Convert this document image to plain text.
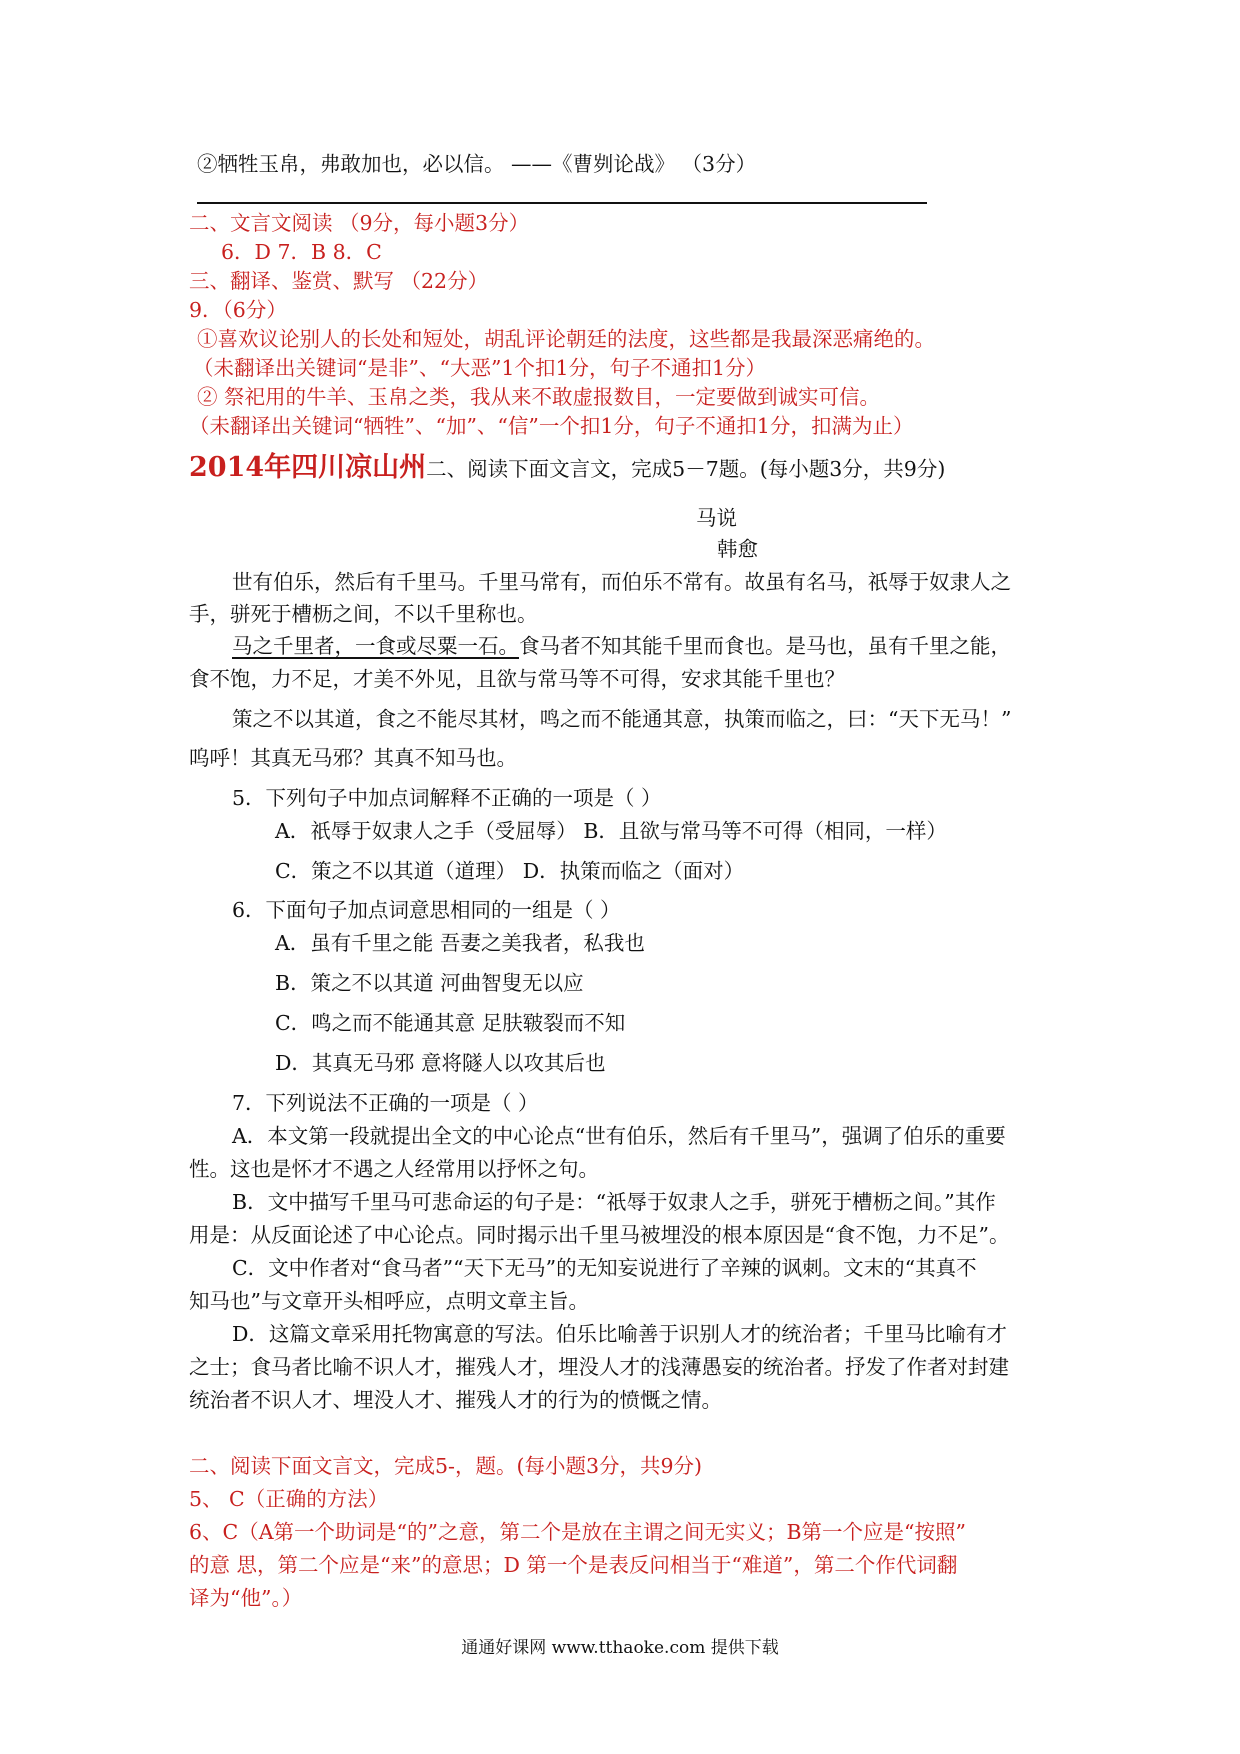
②牺牲玉帛，弗敢加也，必以信。 ——《曹刿论战》 （3分）
二、文言文阅读 （9分，每小题3分）
6．D 7．B 8．C
三、翻译、鉴赏、默写 （22分）
9．（6分）
①喜欢议论别人的长处和短处，胡乱评论朝廷的法度，这些都是我最深恶痛绝的。
（未翻译出关键词“是非”、“大恶”1个扣1分，句子不通扣1分）
② 祭祀用的牛羊、玉帛之类，我从来不敢虚报数目，一定要做到诚实可信。
（未翻译出关键词“牺牲”、“加”、“信”一个扣1分，句子不通扣1分，扣满为止）
2014年四川凉山州二、阅读下面文言文，完成5－7题。(每小题3分，共9分)
马说
韩愈
世有伯乐，然后有千里马。千里马常有，而伯乐不常有。故虽有名马，祇辱于奴隶人之
手，骈死于槽枥之间，不以千里称也。
马之千里者，一食或尽粟一石。食马者不知其能千里而食也。是马也，虽有千里之能，
食不饱，力不足，才美不外见，且欲与常马等不可得，安求其能千里也？
策之不以其道，食之不能尽其材，鸣之而不能通其意，执策而临之，曰：“天下无马！”
呜呼！其真无马邪？其真不知马也。
5．下列句子中加点词解释不正确的一项是（ ）
A．祇辱于奴隶人之手（受屈辱） B．且欲与常马等不可得（相同，一样）
C．策之不以其道（道理） D．执策而临之（面对）
6．下面句子加点词意思相同的一组是（ ）
A．虽有千里之能 吾妻之美我者，私我也
B．策之不以其道 河曲智叟无以应
C．鸣之而不能通其意 足肤皲裂而不知
D．其真无马邪 意将隧人以攻其后也
7．下列说法不正确的一项是（ ）
A．本文第一段就提出全文的中心论点“世有伯乐，然后有千里马”，强调了伯乐的重要
性。这也是怀才不遇之人经常用以抒怀之句。
B．文中描写千里马可悲命运的句子是：“祇辱于奴隶人之手，骈死于槽枥之间。”其作
用是：从反面论述了中心论点。同时揭示出千里马被埋没的根本原因是“食不饱，力不足”。
C．文中作者对“食马者”“天下无马”的无知妄说进行了辛辣的讽刺。文末的“其真不
知马也”与文章开头相呼应，点明文章主旨。
D．这篇文章采用托物寓意的写法。伯乐比喻善于识别人才的统治者；千里马比喻有才
之士；食马者比喻不识人才，摧残人才，埋没人才的浅薄愚妄的统治者。抒发了作者对封建
统治者不识人才、埋没人才、摧残人才的行为的愤慨之情。
二、阅读下面文言文，完成5-，题。(每小题3分，共9分)
5、 C（正确的方法）
6、C（A第一个助词是“的”之意，第二个是放在主谓之间无实义；B第一个应是“按照”
的意 思，第二个应是“来”的意思；D 第一个是表反问相当于“难道”，第二个作代词翻
译为“他”。）
通通好课网 www.tthaoke.com 提供下载
